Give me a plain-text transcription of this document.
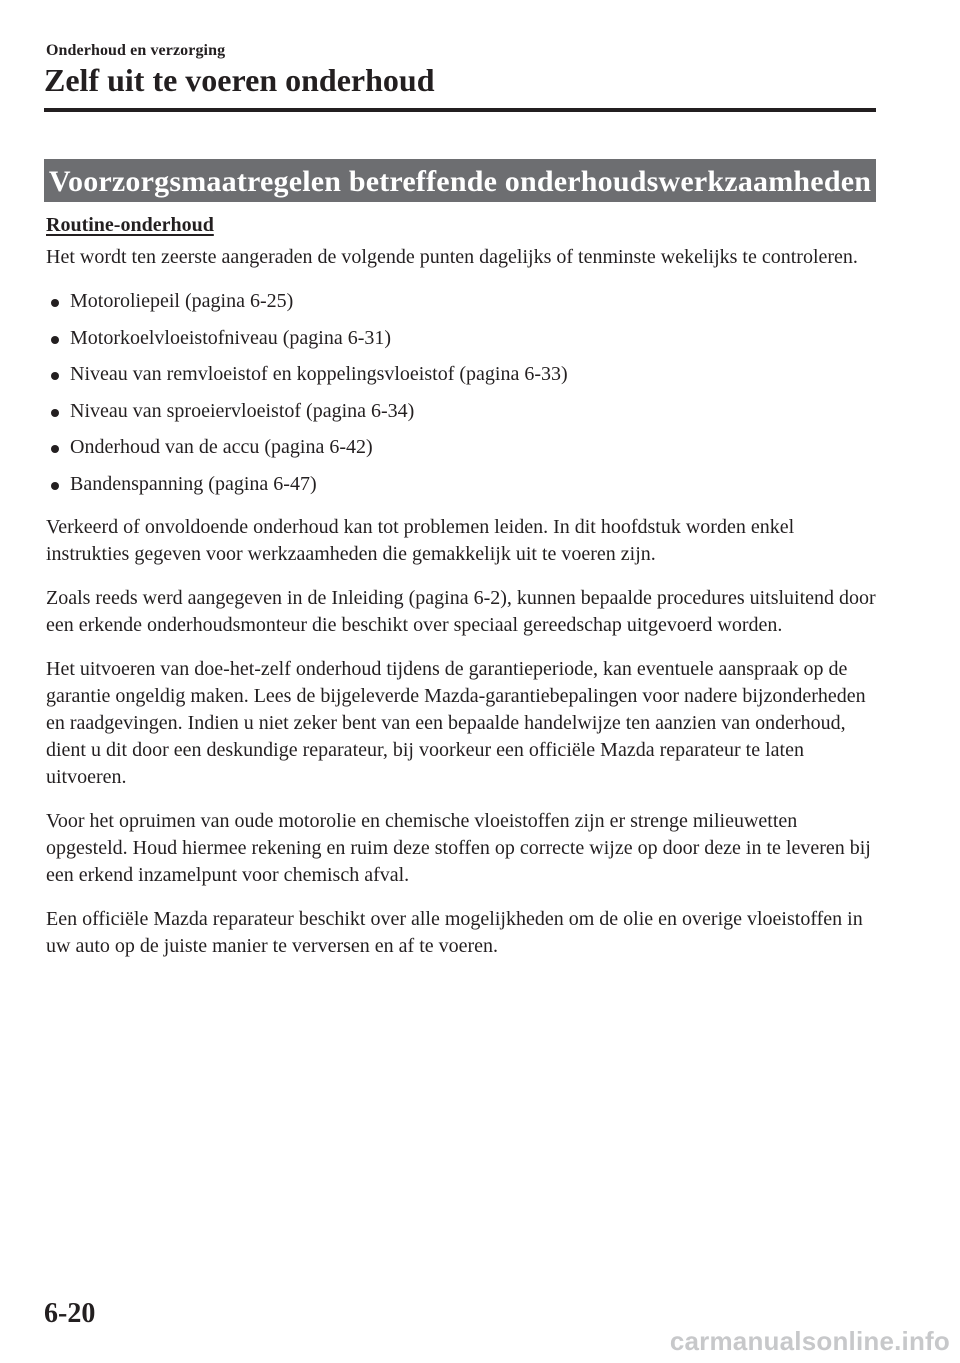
Onderhoud en verzorging
Zelf uit te voeren onderhoud
Voorzorgsmaatregelen betreffende onderhoudswerkzaamheden
Routine-onderhoud

Het wordt ten zeerste aangeraden de volgende punten dagelijks of tenminste wekelijks te controleren.

Motoroliepeil (pagina 6-25)
Motorkoelvloeistofniveau (pagina 6-31)
Niveau van remvloeistof en koppelingsvloeistof (pagina 6-33)
Niveau van sproeiervloeistof (pagina 6-34)
Onderhoud van de accu (pagina 6-42)
Bandenspanning (pagina 6-47)

Verkeerd of onvoldoende onderhoud kan tot problemen leiden. In dit hoofdstuk worden enkel instrukties gegeven voor werkzaamheden die gemakkelijk uit te voeren zijn.

Zoals reeds werd aangegeven in de Inleiding (pagina 6-2), kunnen bepaalde procedures uitsluitend door een erkende onderhoudsmonteur die beschikt over speciaal gereedschap uitgevoerd worden.

Het uitvoeren van doe-het-zelf onderhoud tijdens de garantieperiode, kan eventuele aanspraak op de garantie ongeldig maken. Lees de bijgeleverde Mazda-garantiebepalingen voor nadere bijzonderheden en raadgevingen. Indien u niet zeker bent van een bepaalde handelwijze ten aanzien van onderhoud, dient u dit door een deskundige reparateur, bij voorkeur een officiële Mazda reparateur te laten uitvoeren.

Voor het opruimen van oude motorolie en chemische vloeistoffen zijn er strenge milieuwetten opgesteld. Houd hiermee rekening en ruim deze stoffen op correcte wijze op door deze in te leveren bij een erkend inzamelpunt voor chemisch afval.

Een officiële Mazda reparateur beschikt over alle mogelijkheden om de olie en overige vloeistoffen in uw auto op de juiste manier te verversen en af te voeren.

6-20
carmanualsonline.info
